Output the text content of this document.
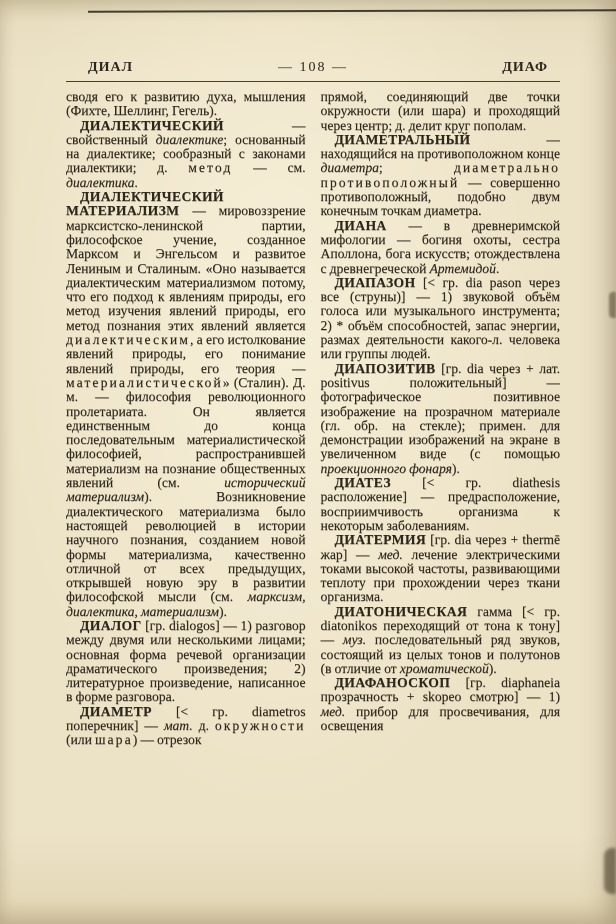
ДИАЛ	— 108 —	ДИАФ

сводя его к развитию духа, мышления (Фихте, Шеллинг, Гегель).

ДИАЛЕКТИЧЕСКИЙ — свойственный диалектике; основанный на диалектике; сообразный с законами диалектики; д. метод — см. диалектика.

ДИАЛЕКТИЧЕСКИЙ МАТЕРИАЛИЗМ — мировоззрение марксистско-ленинской партии, философское учение, созданное Марксом и Энгельсом и развитое Лениным и Сталиным. «Оно называется диалектическим материализмом потому, что его подход к явлениям природы, его метод изучения явлений природы, его метод познания этих явлений является диалектическим, а его истолкование явлений природы, его понимание явлений природы, его теория — материалистической» (Сталин). Д. м. — философия революционного пролетариата. Он является единственным до конца последовательным материалистической философией, распространившей материализм на познание общественных явлений (см. исторический материализм). Возникновение диалектического материализма было настоящей революцией в истории научного познания, созданием новой формы материализма, качественно отличной от всех предыдущих, открывшей новую эру в развитии философской мысли (см. марксизм, диалектика, материализм).

ДИАЛОГ [гр. dialogos] — 1) разговор между двумя или несколькими лицами; основная форма речевой организации драматического произведения; 2) литературное произведение, написанное в форме разговора.

ДИАМЕТР [< гр. diametros поперечник] — мат. д. окружности (или шара) — отрезок

прямой, соединяющий две точки окружности (или шара) и проходящий через центр; д. делит круг пополам.

ДИАМЕТРАЛЬНЫЙ — находящийся на противоположном конце диаметра; диаметрально противоположный — совершенно противоположный, подобно двум конечным точкам диаметра.

ДИАНА — в древнеримской мифологии — богиня охоты, сестра Аполлона, бога искусств; отождествлена с древнегреческой Артемидой.

ДИАПАЗОН [< гр. dia pason через все (струны)] — 1) звуковой объём голоса или музыкального инструмента; 2) * объём способностей, запас энергии, размах деятельности какого-л. человека или группы людей.

ДИАПОЗИТИВ [гр. dia через + лат. positivus положительный] — фотографическое позитивное изображение на прозрачном материале (гл. обр. на стекле); примен. для демонстрации изображений на экране в увеличенном виде (с помощью проекционного фонаря).

ДИАТЕЗ [< гр. diathesis расположение] — предрасположение, восприимчивость организма к некоторым заболеваниям.

ДИАТЕРМИЯ [гр. dia через + thermē жар] — мед. лечение электрическими токами высокой частоты, развивающими теплоту при прохождении через ткани организма.

ДИАТОНИЧЕСКАЯ гамма [< гр. diatonikos переходящий от тона к тону] — муз. последовательный ряд звуков, состоящий из целых тонов и полутонов (в отличие от хроматической).

ДИАФАНОСКОП [гр. diaphaneia прозрачность + skopeo смотрю] — 1) мед. прибор для просвечивания, для освещения
